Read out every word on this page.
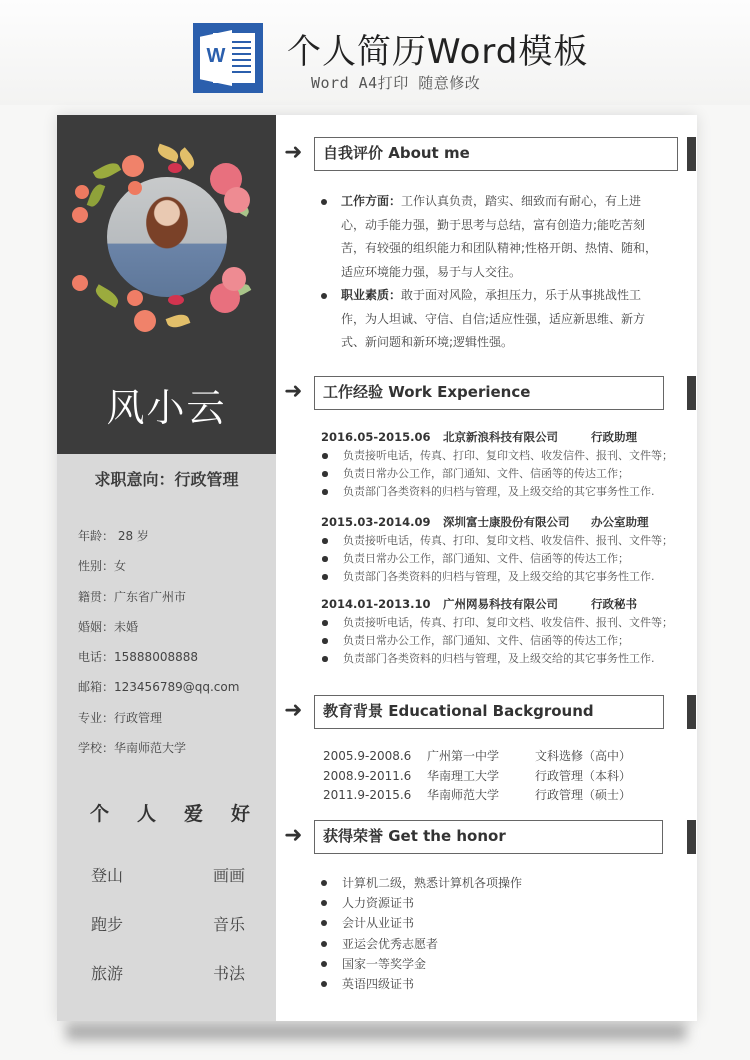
W 个人简历Word模板
Word A4打印 随意修改
风小云
求职意向：行政管理
年龄： 28 岁
性别：女
籍贯：广东省广州市
婚姻：未婚
电话：15888008888
邮箱：123456789@qq.com
专业：行政管理
学校：华南师范大学
个 人 爱 好
登山	画画
跑步	音乐
旅游	书法
➜	自我评价 About me
工作方面：工作认真负责，踏实、细致而有耐心，有上进心，动手能力强，勤于思考与总结，富有创造力;能吃苦刻苦，有较强的组织能力和团队精神;性格开朗、热情、随和，适应环境能力强，易于与人交往。
职业素质：敢于面对风险，承担压力，乐于从事挑战性工作，为人坦诚、守信、自信;适应性强，适应新思维、新方式、新问题和新环境;逻辑性强。
➜	工作经验 Work Experience
2016.05-2015.06	北京新浪科技有限公司	行政助理
负责接听电话，传真、打印、复印文档、收发信件、报刊、文件等；
负责日常办公工作，部门通知、文件、信函等的传达工作；
负责部门各类资料的归档与管理，及上级交给的其它事务性工作.
2015.03-2014.09	深圳富士康股份有限公司	办公室助理
负责接听电话，传真、打印、复印文档、收发信件、报刊、文件等；
负责日常办公工作，部门通知、文件、信函等的传达工作；
负责部门各类资料的归档与管理，及上级交给的其它事务性工作.
2014.01-2013.10	广州网易科技有限公司	行政秘书
负责接听电话，传真、打印、复印文档、收发信件、报刊、文件等；
负责日常办公工作，部门通知、文件、信函等的传达工作；
负责部门各类资料的归档与管理，及上级交给的其它事务性工作.
➜	教育背景 Educational Background
2005.9-2008.6	广州第一中学	文科选修（高中）
2008.9-2011.6	华南理工大学	行政管理（本科）
2011.9-2015.6	华南师范大学	行政管理（硕士）
➜	获得荣誉 Get the honor
计算机二级，熟悉计算机各项操作
人力资源证书
会计从业证书
亚运会优秀志愿者
国家一等奖学金
英语四级证书
